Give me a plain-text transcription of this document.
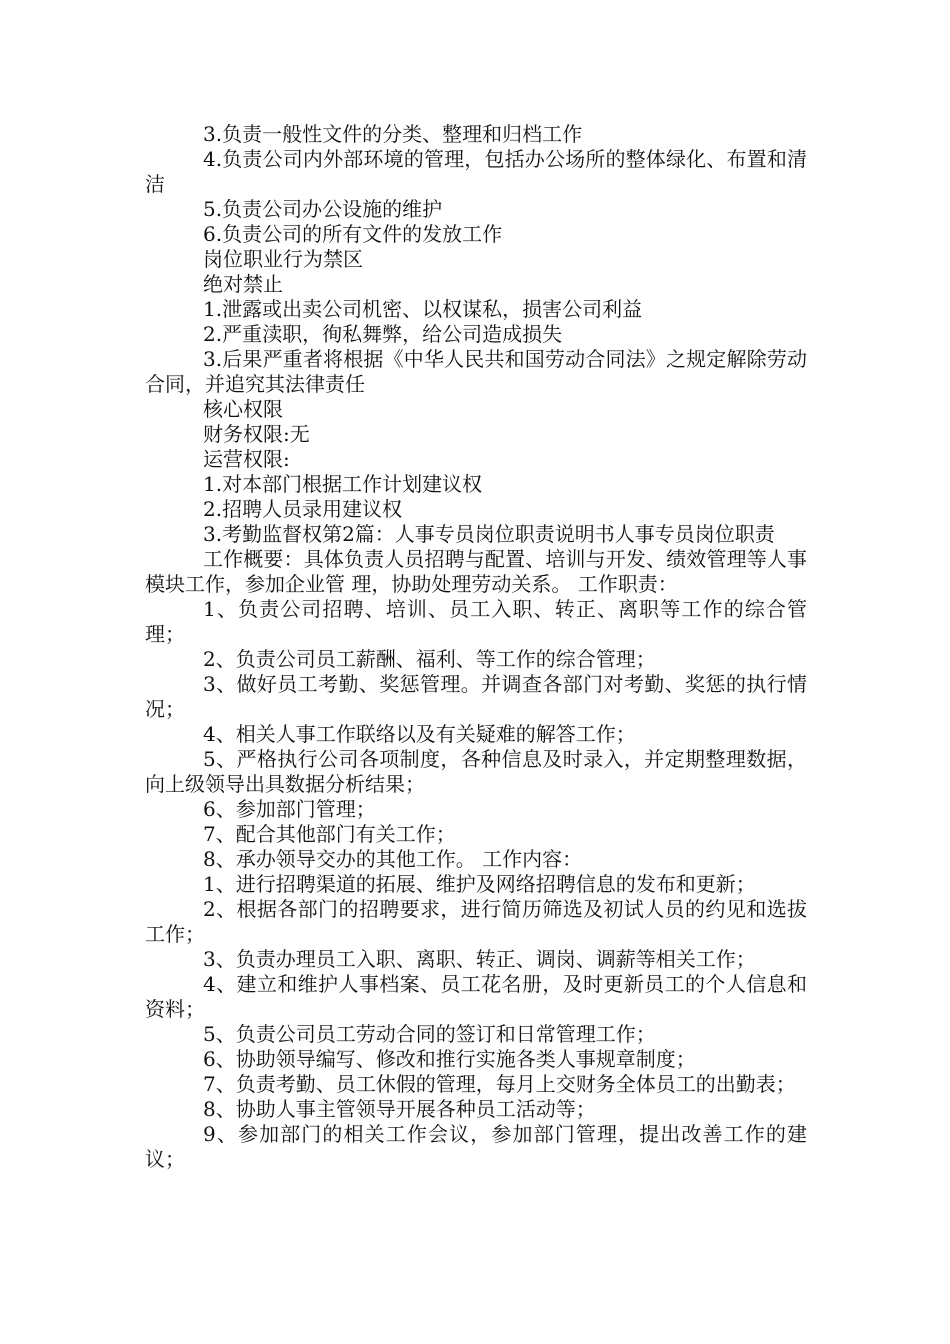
3.负责一般性文件的分类、整理和归档工作

4.负责公司内外部环境的管理，包括办公场所的整体绿化、布置和清洁

5.负责公司办公设施的维护

6.负责公司的所有文件的发放工作

岗位职业行为禁区

绝对禁止

1.泄露或出卖公司机密、以权谋私，损害公司利益

2.严重渎职，徇私舞弊，给公司造成损失

3.后果严重者将根据《中华人民共和国劳动合同法》之规定解除劳动合同，并追究其法律责任

核心权限

财务权限:无

运营权限:

1.对本部门根据工作计划建议权

2.招聘人员录用建议权

3.考勤监督权第2篇：人事专员岗位职责说明书人事专员岗位职责

工作概要：具体负责人员招聘与配置、培训与开发、绩效管理等人事模块工作，参加企业管 理，协助处理劳动关系。 工作职责：

1、负责公司招聘、培训、员工入职、转正、离职等工作的综合管理；

2、负责公司员工薪酬、福利、等工作的综合管理；

3、做好员工考勤、奖惩管理。并调查各部门对考勤、奖惩的执行情况；

4、相关人事工作联络以及有关疑难的解答工作；

5、严格执行公司各项制度，各种信息及时录入，并定期整理数据，向上级领导出具数据分析结果；

6、参加部门管理；

7、配合其他部门有关工作；

8、承办领导交办的其他工作。 工作内容：

1、进行招聘渠道的拓展、维护及网络招聘信息的发布和更新；

2、根据各部门的招聘要求，进行简历筛选及初试人员的约见和选拔工作；

3、负责办理员工入职、离职、转正、调岗、调薪等相关工作；

4、建立和维护人事档案、员工花名册，及时更新员工的个人信息和资料；

5、负责公司员工劳动合同的签订和日常管理工作；

6、协助领导编写、修改和推行实施各类人事规章制度；

7、负责考勤、员工休假的管理，每月上交财务全体员工的出勤表；

8、协助人事主管领导开展各种员工活动等；

9、参加部门的相关工作会议，参加部门管理，提出改善工作的建议；
